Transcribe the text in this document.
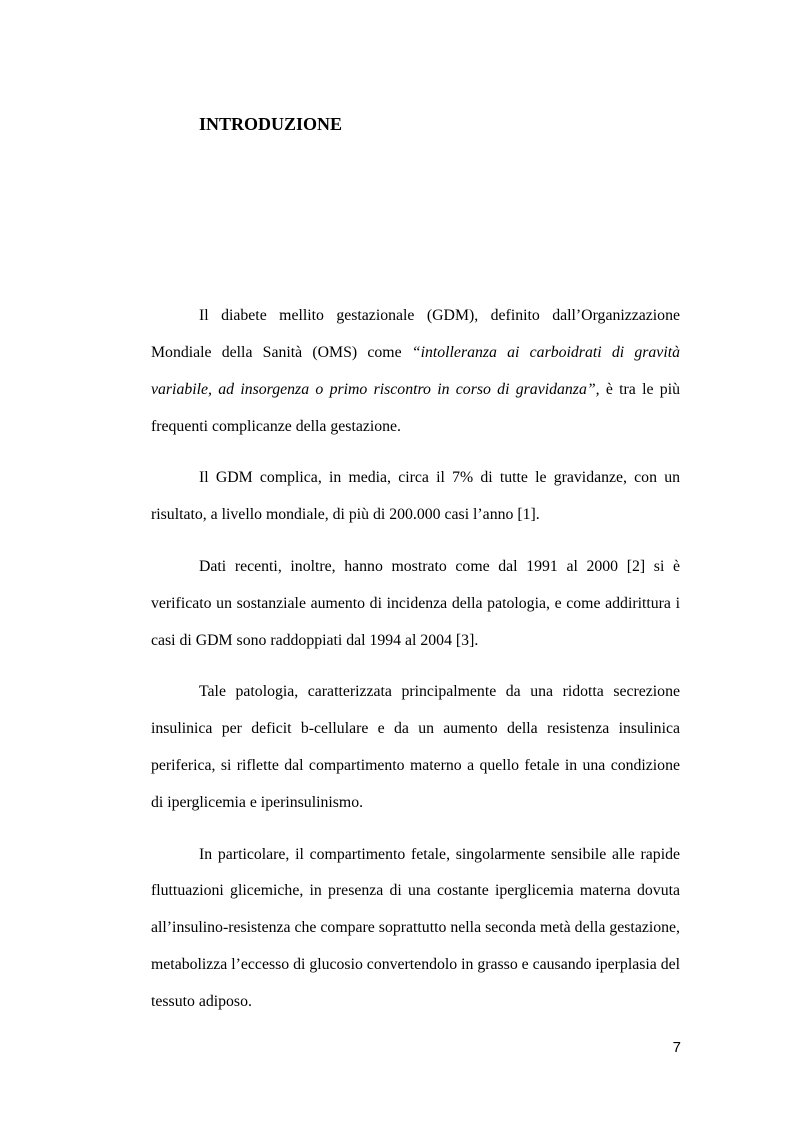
INTRODUZIONE

Il diabete mellito gestazionale (GDM), definito dall’Organizzazione Mondiale della Sanità (OMS) come “intolleranza ai carboidrati di gravità variabile, ad insorgenza o primo riscontro in corso di gravidanza”, è tra le più frequenti complicanze della gestazione.

Il GDM complica, in media, circa il 7% di tutte le gravidanze, con un risultato, a livello mondiale, di più di 200.000 casi l’anno [1].

Dati recenti, inoltre, hanno mostrato come dal 1991 al 2000 [2] si è verificato un sostanziale aumento di incidenza della patologia, e come addirittura i casi di GDM sono raddoppiati dal 1994 al 2004 [3].

Tale patologia, caratterizzata principalmente da una ridotta secrezione insulinica per deficit b-cellulare e da un aumento della resistenza insulinica periferica, si riflette dal compartimento materno a quello fetale in una condizione di iperglicemia e iperinsulinismo.

In particolare, il compartimento fetale, singolarmente sensibile alle rapide fluttuazioni glicemiche, in presenza di una costante iperglicemia materna dovuta all’insulino-resistenza che compare soprattutto nella seconda metà della gestazione, metabolizza l’eccesso di glucosio convertendolo in grasso e causando iperplasia del tessuto adiposo.

7
